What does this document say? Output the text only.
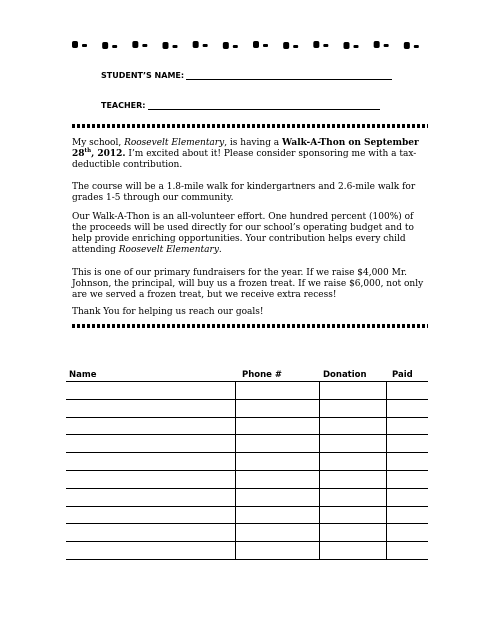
STUDENT’S NAME:
TEACHER:

My school, Roosevelt Elementary, is having a Walk-A-Thon on September 28th, 2012. I’m excited about it! Please consider sponsoring me with a tax-deductible contribution.

The course will be a 1.8-mile walk for kindergartners and 2.6-mile walk for grades 1-5 through our community.

Our Walk-A-Thon is an all-volunteer effort. One hundred percent (100%) of the proceeds will be used directly for our school’s operating budget and to help provide enriching opportunities. Your contribution helps every child attending Roosevelt Elementary.

This is one of our primary fundraisers for the year. If we raise $4,000 Mr. Johnson, the principal, will buy us a frozen treat. If we raise $6,000, not only are we served a frozen treat, but we receive extra recess!

Thank You for helping us reach our goals!

Name	Phone #	Donation	Paid
